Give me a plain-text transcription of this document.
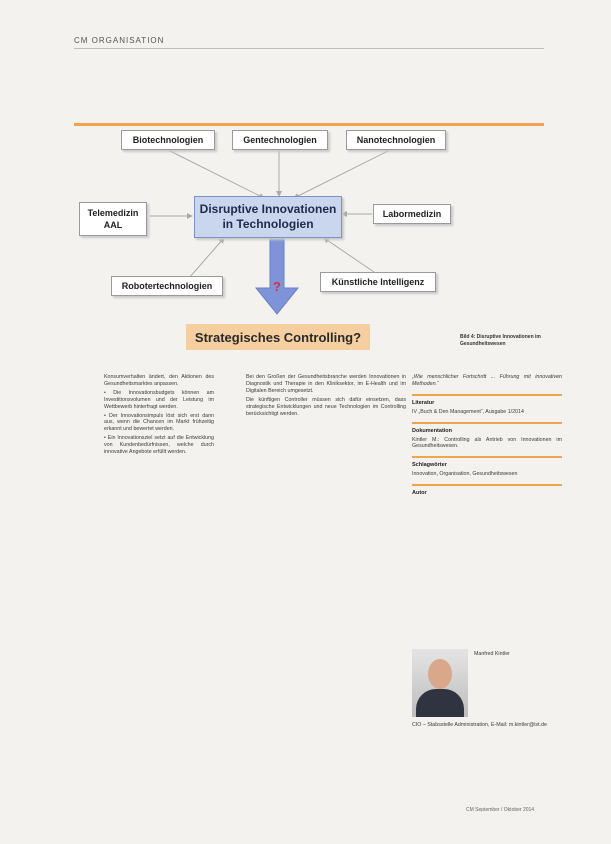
CM ORGANISATION
Biotechnologien	Gentechnologien	Nanotechnologien
Telemedizin
AAL
Disruptive Innovationen
in Technologien
Labormedizin
Robotertechnologien	Künstliche Intelligenz
?
Strategisches Controlling?	Bild 4: Disruptive Innovationen im Gesundheitswesen

Konsumverhalten ändert, den Aktionen des Gesundheitsmarktes anpassen.

• Die Innovationsbudgets können am Investitionsvolumen und der Leistung im Wettbewerb hinterfragt werden.

• Der Innovationsimpuls löst sich erst dann aus, wenn die Chancen im Markt frühzeitig erkannt und bewertet werden.

• Ein Innovationsziel setzt auf die Entwicklung von Kundenbedürfnissen, welche durch innovative Angebote erfüllt werden.

Bei den Großen der Gesundheitsbranche werden Innovationen in Diagnostik und Therapie in den Kliniksektor, im E-Health und im Digitalen Bereich umgesetzt.

Die künftigen Controller müssen sich dafür einsetzen, dass strategische Entwicklungen und neue Technologien im Controlling berücksichtigt werden.

„Wie menschlicher Fortschritt ... Führung mit innovativen Methoden.“

Literatur

IV „Buch & Den Management“, Ausgabe 1/2014

Dokumentation

Kintler M.: Controlling als Antrieb von Innovationen im Gesundheitswesen.

Schlagwörter

Innovation, Organisation, Gesundheitswesen

Autor
Manfred Kintler
CIO – Stabsstelle Administration, E-Mail: m.kintler@ist.de
CM September / Oktober 2014
